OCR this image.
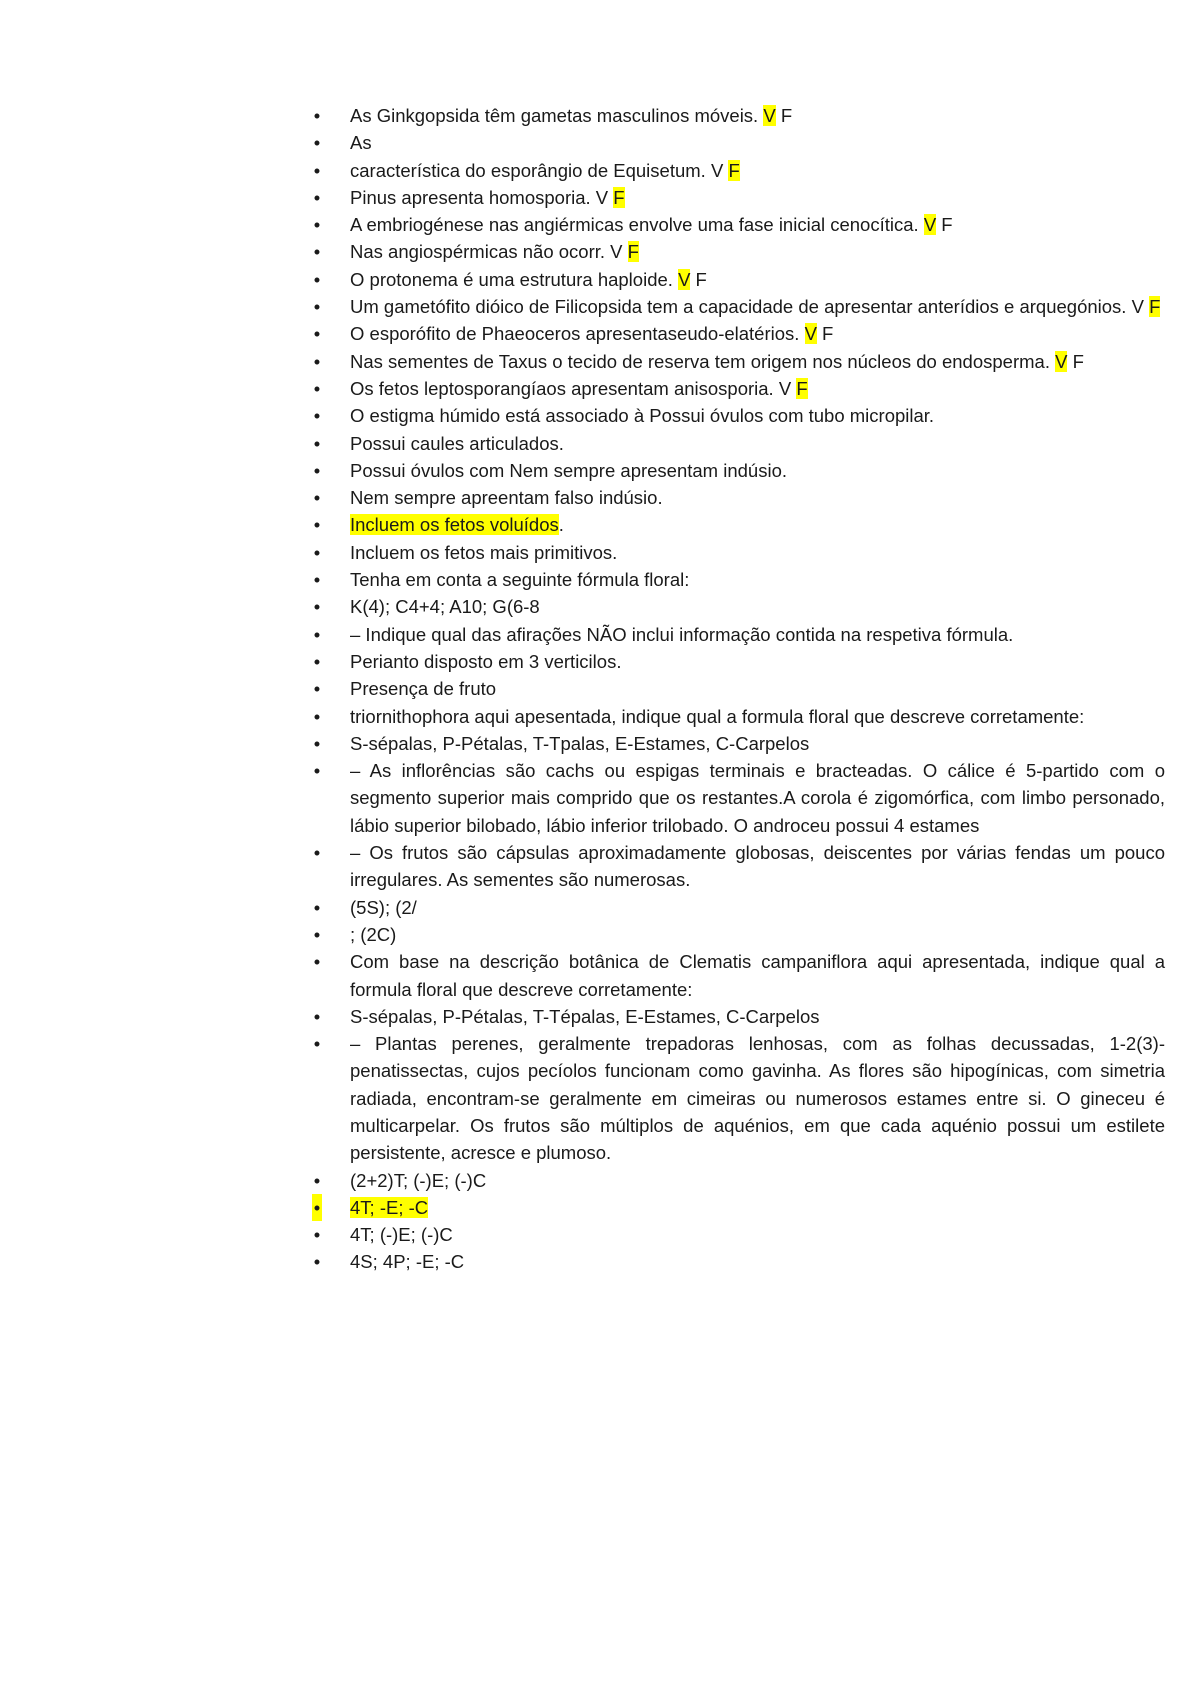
• As Ginkgopsida têm gametas masculinos móveis. V F
• As
• característica do esporângio de Equisetum. V F
• Pinus apresenta homosporia. V F
• A embriogénese nas angiérmicas envolve uma fase inicial cenocítica. V F
• Nas angiospérmicas não ocorr. V F
• O protonema é uma estrutura haploide. V F
• Um gametófito dióico de Filicopsida tem a capacidade de apresentar anterídios e arquegónios. V F
• O esporófito de Phaeoceros apresentaseudo-elatérios. V F
• Nas sementes de Taxus o tecido de reserva tem origem nos núcleos do endosperma. V F
• Os fetos leptosporangíaos apresentam anisosporia. V F
• O estigma húmido está associado à Possui óvulos com tubo micropilar.
• Possui caules articulados.
• Possui óvulos com Nem sempre apresentam indúsio.
• Nem sempre apreentam falso indúsio.
• Incluem os fetos voluídos.
• Incluem os fetos mais primitivos.
• Tenha em conta a seguinte fórmula floral:
• K(4); C4+4; A10; G(6-8
• – Indique qual das afirações NÃO inclui informação contida na respetiva fórmula.
• Perianto disposto em 3 verticilos.
• Presença de fruto
• triornithophora aqui apesentada, indique qual a formula floral que descreve corretamente:
• S-sépalas, P-Pétalas, T-Tpalas, E-Estames, C-Carpelos
• – As inflorências são cachs ou espigas terminais e bracteadas. O cálice é 5-partido com o segmento superior mais comprido que os restantes.A corola é zigomórfica, com limbo personado, lábio superior bilobado, lábio inferior trilobado. O androceu possui 4 estames
• – Os frutos são cápsulas aproximadamente globosas, deiscentes por várias fendas um pouco irregulares. As sementes são numerosas.
• (5S); (2/
• ; (2C)
• Com base na descrição botânica de Clematis campaniflora aqui apresentada, indique qual a formula floral que descreve corretamente:
• S-sépalas, P-Pétalas, T-Tépalas, E-Estames, C-Carpelos
• – Plantas perenes, geralmente trepadoras lenhosas, com as folhas decussadas, 1-2(3)-penatissectas, cujos pecíolos funcionam como gavinha. As flores são hipogínicas, com simetria radiada, encontram-se geralmente em cimeiras ou numerosos estames entre si. O gineceu é multicarpelar. Os frutos são múltiplos de aquénios, em que cada aquénio possui um estilete persistente, acresce e plumoso.
• (2+2)T; (-)E; (-)C
• 4T; -E; -C
• 4T; (-)E; (-)C
• 4S; 4P; -E; -C
